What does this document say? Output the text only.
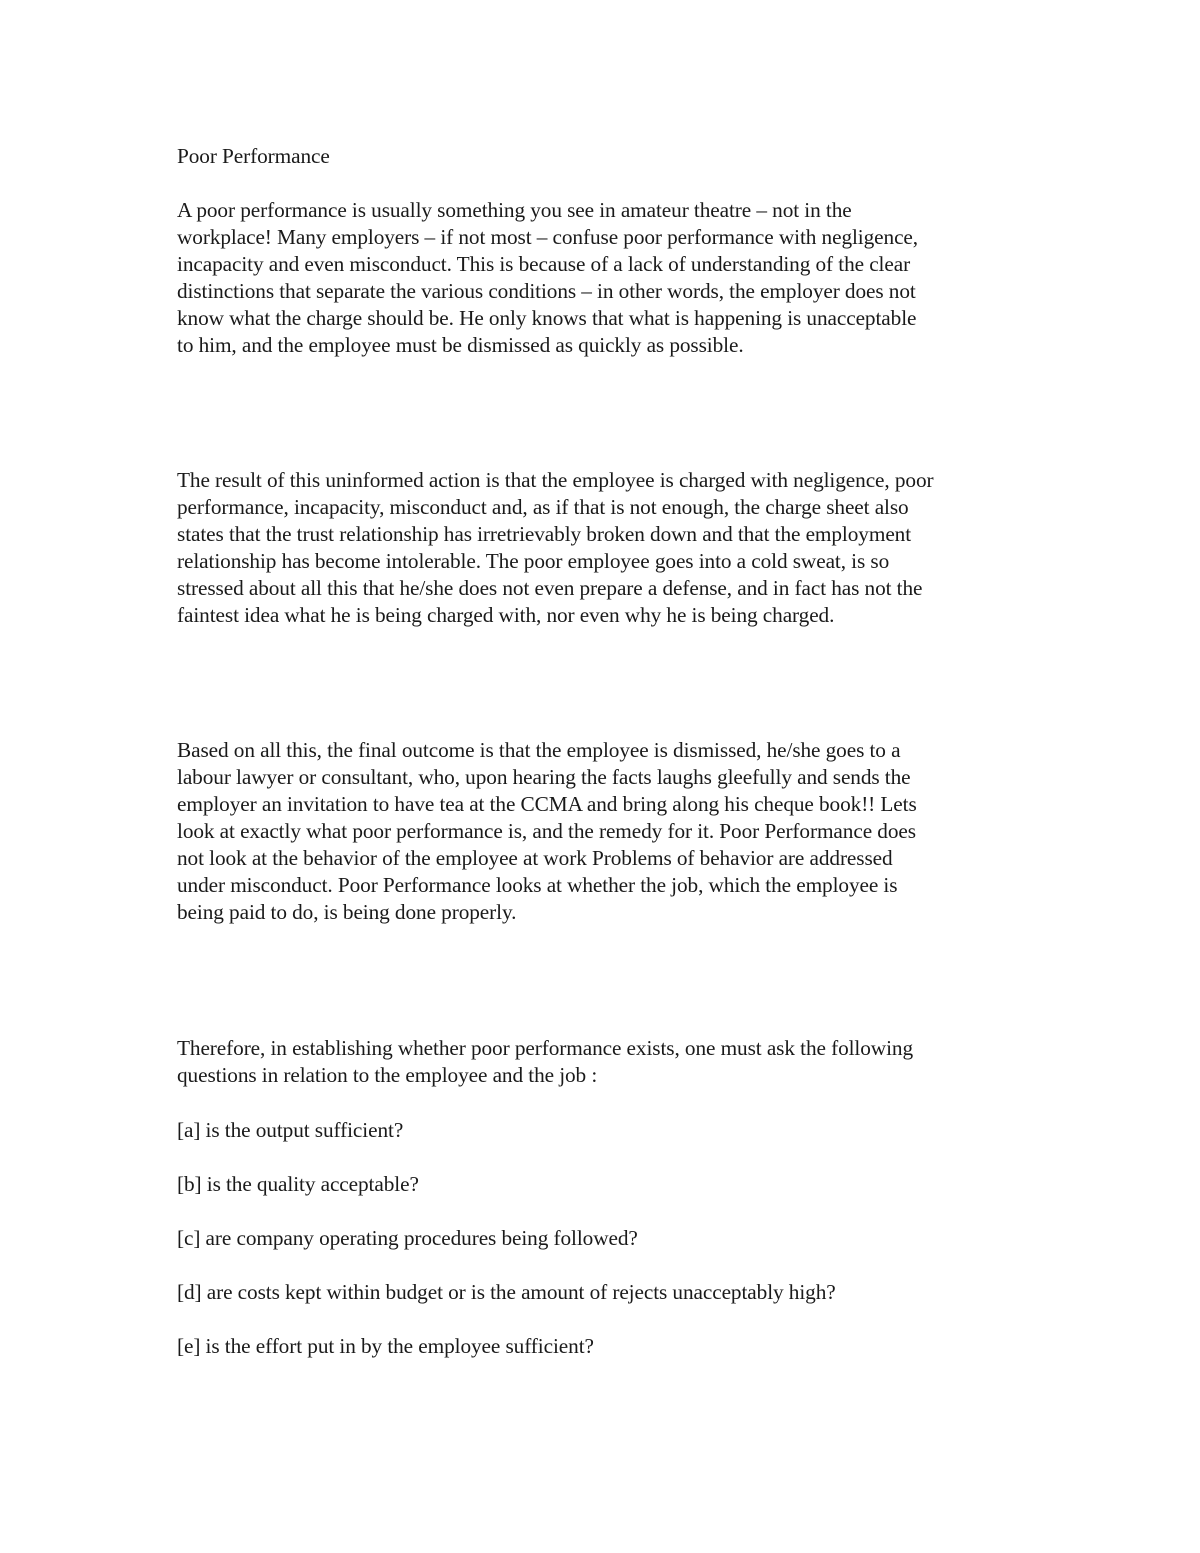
Poor Performance
A poor performance is usually something you see in amateur theatre – not in the
workplace! Many employers – if not most – confuse poor performance with negligence,
incapacity and even misconduct. This is because of a lack of understanding of the clear
distinctions that separate the various conditions – in other words, the employer does not
know what the charge should be. He only knows that what is happening is unacceptable
to him, and the employee must be dismissed as quickly as possible.
The result of this uninformed action is that the employee is charged with negligence, poor
performance, incapacity, misconduct and, as if that is not enough, the charge sheet also
states that the trust relationship has irretrievably broken down and that the employment
relationship has become intolerable. The poor employee goes into a cold sweat, is so
stressed about all this that he/she does not even prepare a defense, and in fact has not the
faintest idea what he is being charged with, nor even why he is being charged.
Based on all this, the final outcome is that the employee is dismissed, he/she goes to a
labour lawyer or consultant, who, upon hearing the facts laughs gleefully and sends the
employer an invitation to have tea at the CCMA and bring along his cheque book!! Lets
look at exactly what poor performance is, and the remedy for it. Poor Performance does
not look at the behavior of the employee at work Problems of behavior are addressed
under misconduct. Poor Performance looks at whether the job, which the employee is
being paid to do, is being done properly.
Therefore, in establishing whether poor performance exists, one must ask the following
questions in relation to the employee and the job :
[a] is the output sufficient?
[b] is the quality acceptable?
[c] are company operating procedures being followed?
[d] are costs kept within budget or is the amount of rejects unacceptably high?
[e] is the effort put in by the employee sufficient?
